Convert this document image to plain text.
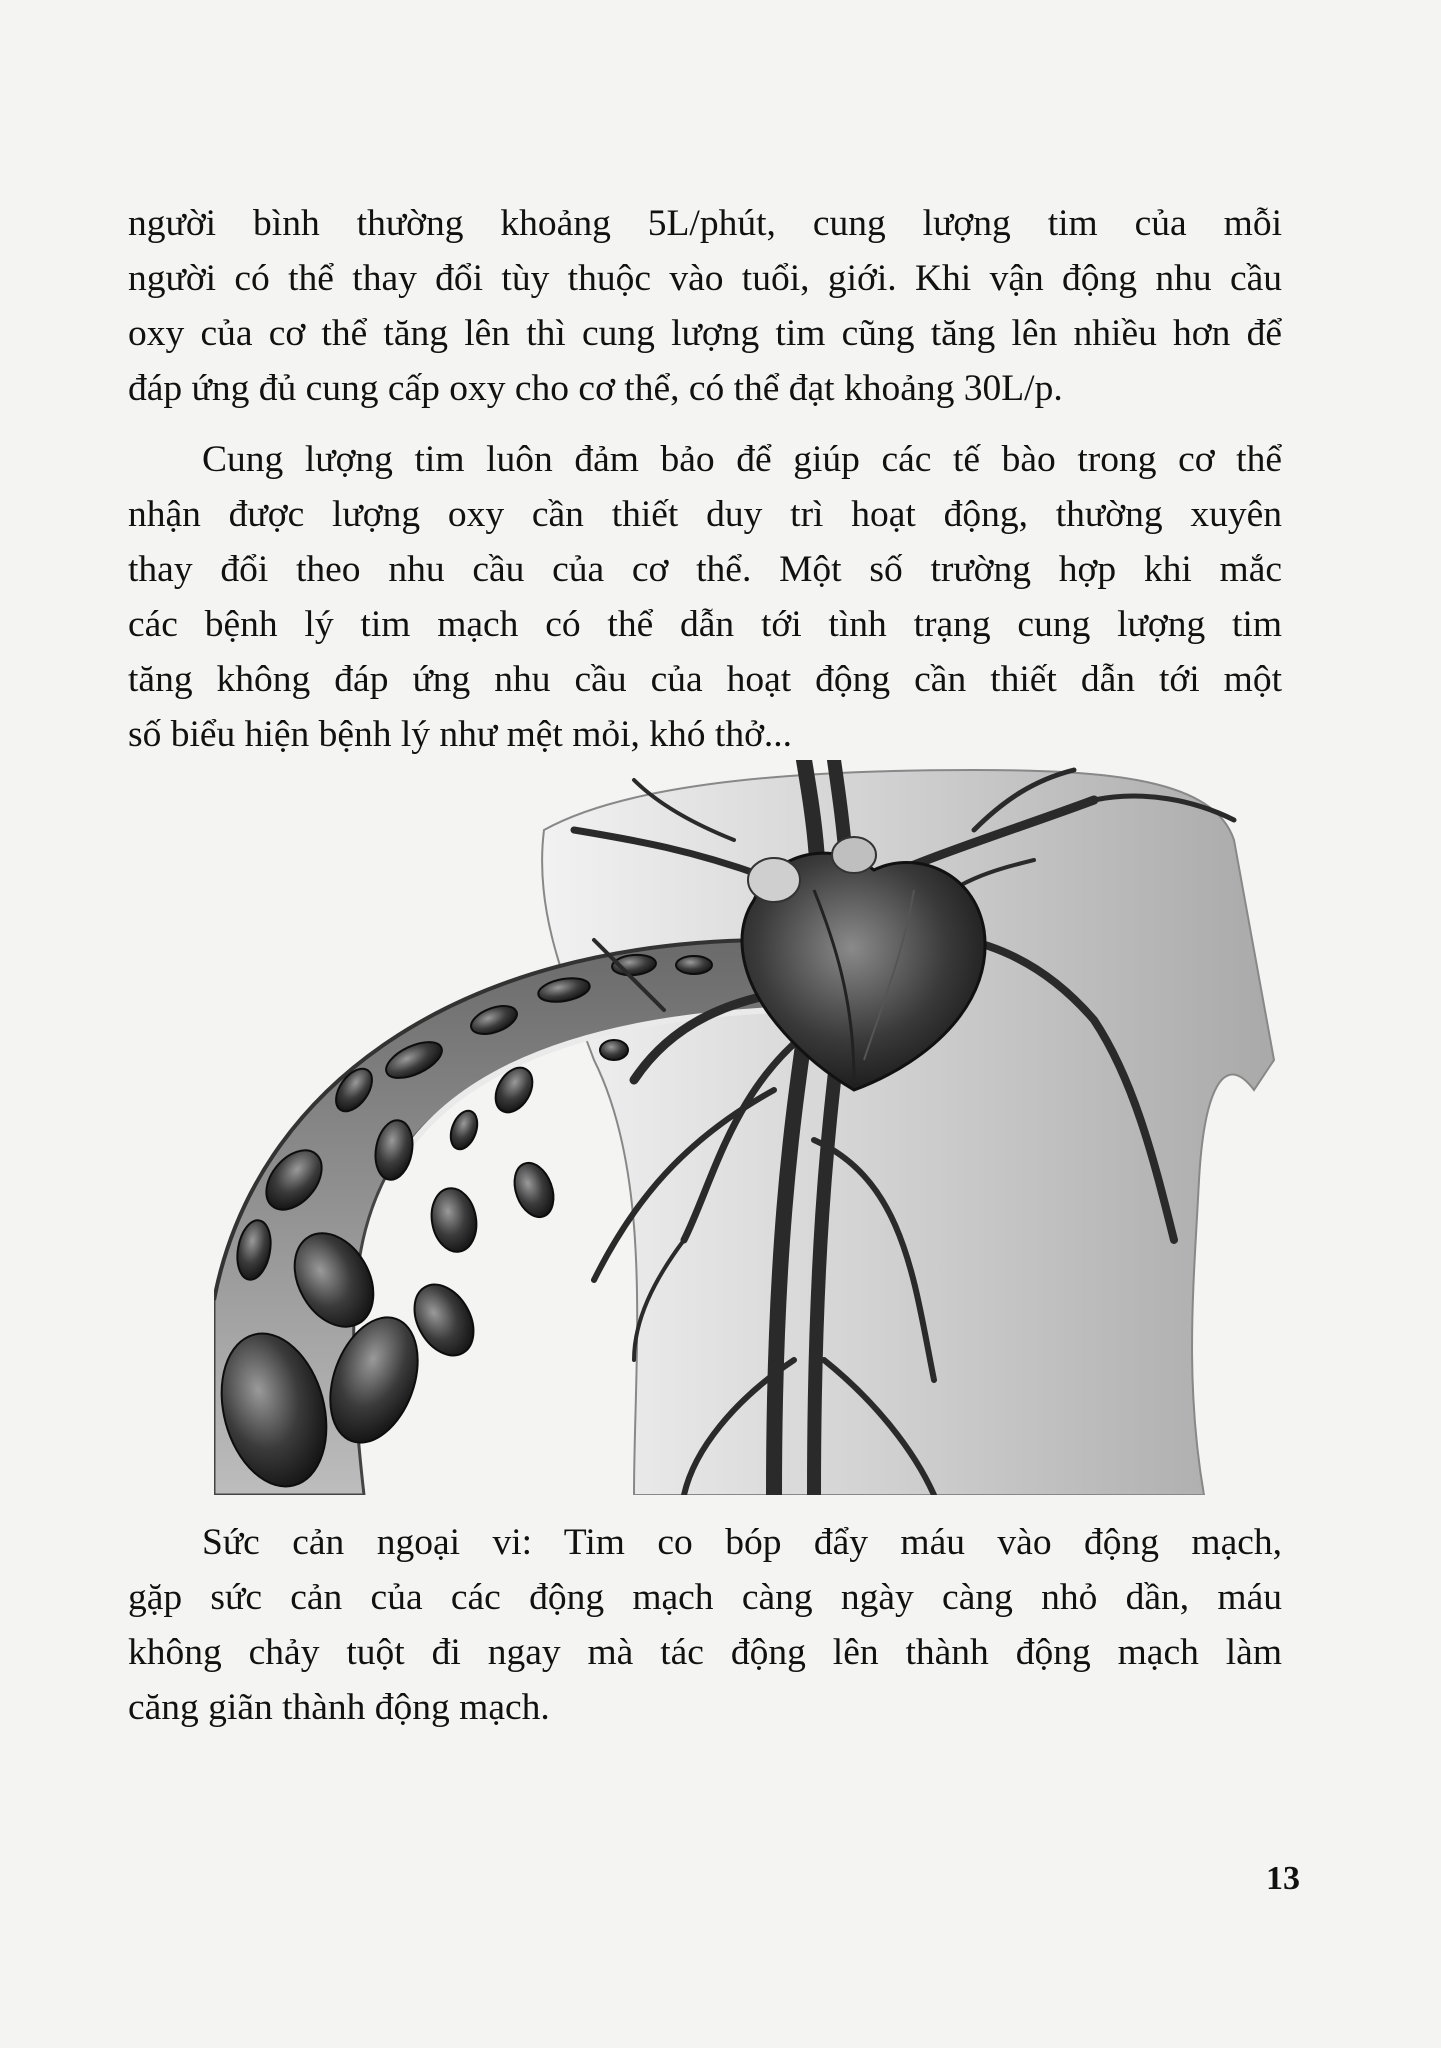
người bình thường khoảng 5L/phút, cung lượng tim của mỗi
người có thể thay đổi tùy thuộc vào tuổi, giới. Khi vận động nhu cầu
oxy của cơ thể tăng lên thì cung lượng tim cũng tăng lên nhiều hơn để
đáp ứng đủ cung cấp oxy cho cơ thể, có thể đạt khoảng 30L/p.
Cung lượng tim luôn đảm bảo để giúp các tế bào trong cơ thể
nhận được lượng oxy cần thiết duy trì hoạt động, thường xuyên
thay đổi theo nhu cầu của cơ thể. Một số trường hợp khi mắc
các bệnh lý tim mạch có thể dẫn tới tình trạng cung lượng tim
tăng không đáp ứng nhu cầu của hoạt động cần thiết dẫn tới một
số biểu hiện bệnh lý như mệt mỏi, khó thở...
Sức cản ngoại vi: Tim co bóp đẩy máu vào động mạch,
gặp sức cản của các động mạch càng ngày càng nhỏ dần, máu
không chảy tuột đi ngay mà tác động lên thành động mạch làm
căng giãn thành động mạch.
13
